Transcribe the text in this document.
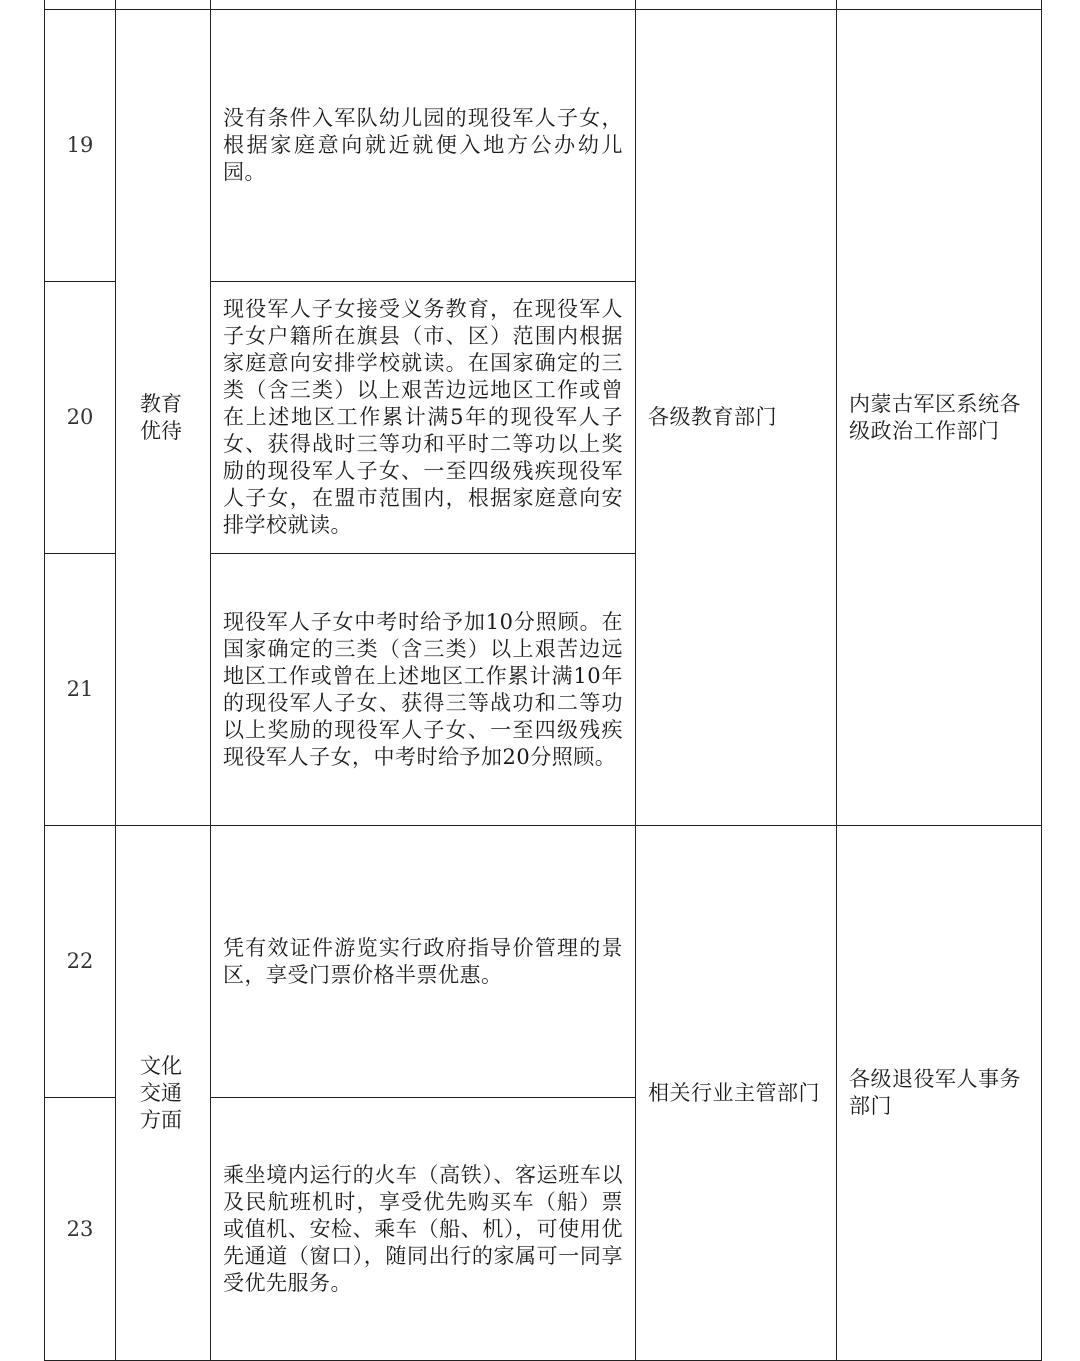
19	教育优待	没有条件入军队幼儿园的现役军人子女，根据家庭意向就近就便入地方公办幼儿园。	各级教育部门	内蒙古军区系统各级政治工作部门

20		现役军人子女接受义务教育，在现役军人子女户籍所在旗县（市、区）范围内根据家庭意向安排学校就读。在国家确定的三类（含三类）以上艰苦边远地区工作或曾在上述地区工作累计满5年的现役军人子女、获得战时三等功和平时二等功以上奖励的现役军人子女、一至四级残疾现役军人子女，在盟市范围内，根据家庭意向安排学校就读。		

21		现役军人子女中考时给予加10分照顾。在国家确定的三类（含三类）以上艰苦边远地区工作或曾在上述地区工作累计满10年的现役军人子女、获得三等战功和二等功以上奖励的现役军人子女、一至四级残疾现役军人子女，中考时给予加20分照顾。		

22	文化交通方面	凭有效证件游览实行政府指导价管理的景区，享受门票价格半票优惠。	相关行业主管部门	各级退役军人事务部门

23		乘坐境内运行的火车（高铁）、客运班车以及民航班机时，享受优先购买车（船）票或值机、安检、乘车（船、机），可使用优先通道（窗口），随同出行的家属可一同享受优先服务。		
